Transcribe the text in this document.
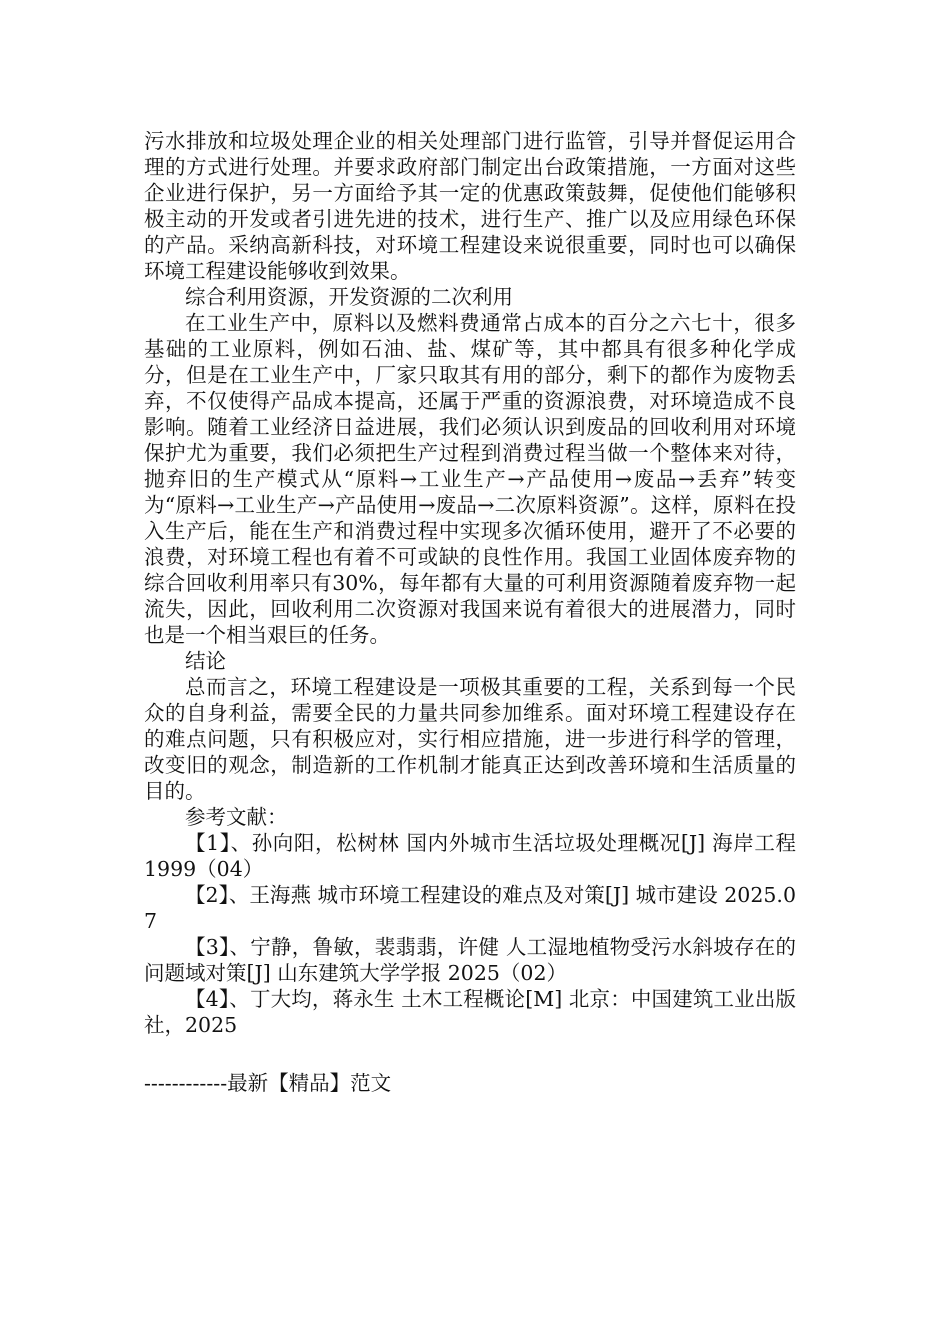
污水排放和垃圾处理企业的相关处理部门进行监管，引导并督促运用合理的方式进行处理。并要求政府部门制定出台政策措施，一方面对这些企业进行保护，另一方面给予其一定的优惠政策鼓舞，促使他们能够积极主动的开发或者引进先进的技术，进行生产、推广以及应用绿色环保的产品。采纳高新科技，对环境工程建设来说很重要，同时也可以确保环境工程建设能够收到效果。

综合利用资源，开发资源的二次利用

在工业生产中，原料以及燃料费通常占成本的百分之六七十，很多基础的工业原料，例如石油、盐、煤矿等，其中都具有很多种化学成分，但是在工业生产中，厂家只取其有用的部分，剩下的都作为废物丢弃，不仅使得产品成本提高，还属于严重的资源浪费，对环境造成不良影响。随着工业经济日益进展，我们必须认识到废品的回收利用对环境保护尤为重要，我们必须把生产过程到消费过程当做一个整体来对待，抛弃旧的生产模式从“原料→工业生产→产品使用→废品→丢弃”转变为“原料→工业生产→产品使用→废品→二次原料资源”。这样，原料在投入生产后，能在生产和消费过程中实现多次循环使用，避开了不必要的浪费，对环境工程也有着不可或缺的良性作用。我国工业固体废弃物的综合回收利用率只有30%，每年都有大量的可利用资源随着废弃物一起流失，因此，回收利用二次资源对我国来说有着很大的进展潜力，同时也是一个相当艰巨的任务。

结论

总而言之，环境工程建设是一项极其重要的工程，关系到每一个民众的自身利益，需要全民的力量共同参加维系。面对环境工程建设存在的难点问题，只有积极应对，实行相应措施，进一步进行科学的管理，改变旧的观念，制造新的工作机制才能真正达到改善环境和生活质量的目的。

参考文献：

【1】、孙向阳，松树林 国内外城市生活垃圾处理概况[J] 海岸工程 1999（04）

【2】、王海燕 城市环境工程建设的难点及对策[J] 城市建设 2025.07

【3】、宁静，鲁敏，裴翡翡，许健 人工湿地植物受污水斜坡存在的问题域对策[J] 山东建筑大学学报 2025（02）

【4】、丁大均，蒋永生 土木工程概论[M] 北京：中国建筑工业出版社，2025

------------最新【精品】范文
